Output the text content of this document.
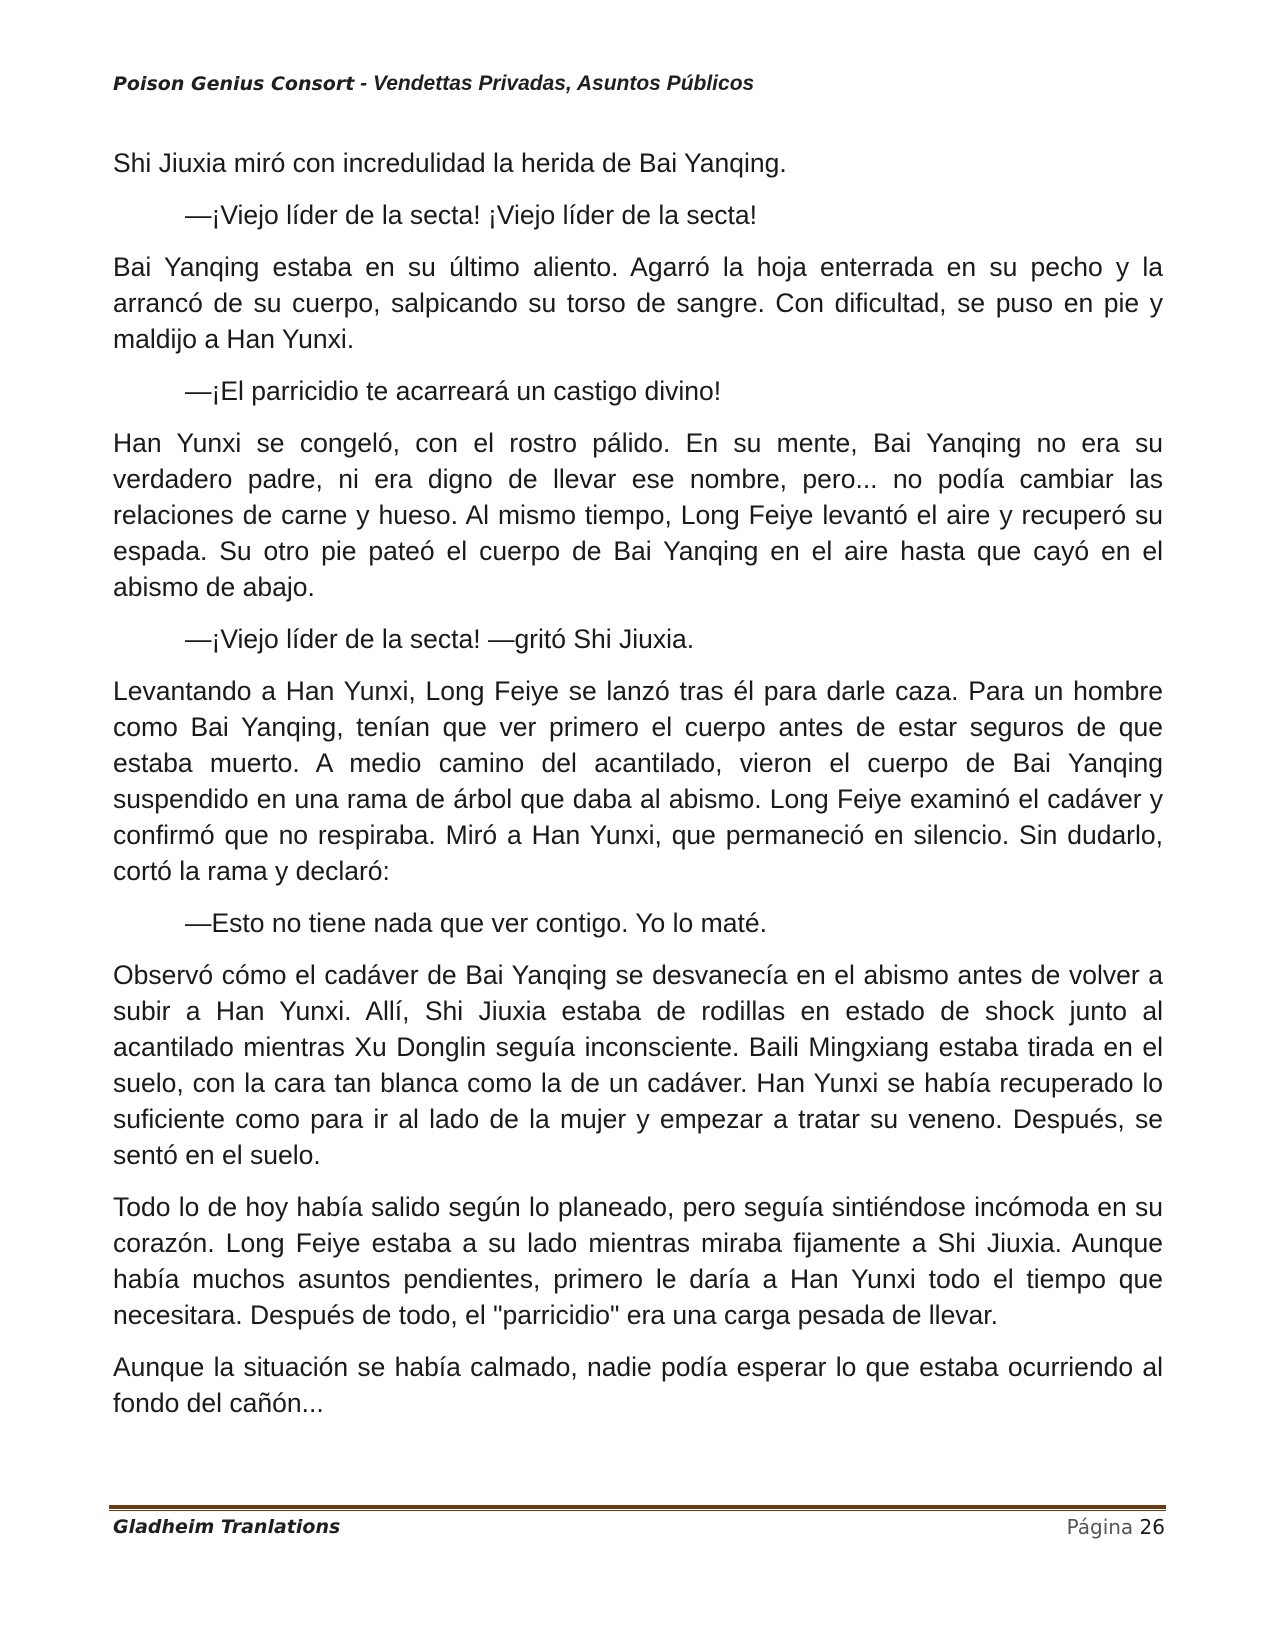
Poison Genius Consort - Vendettas Privadas, Asuntos Públicos

Shi Jiuxia miró con incredulidad la herida de Bai Yanqing.

—¡Viejo líder de la secta! ¡Viejo líder de la secta!

Bai Yanqing estaba en su último aliento. Agarró la hoja enterrada en su pecho y la arrancó de su cuerpo, salpicando su torso de sangre. Con dificultad, se puso en pie y maldijo a Han Yunxi.

—¡El parricidio te acarreará un castigo divino!

Han Yunxi se congeló, con el rostro pálido. En su mente, Bai Yanqing no era su verdadero padre, ni era digno de llevar ese nombre, pero... no podía cambiar las relaciones de carne y hueso. Al mismo tiempo, Long Feiye levantó el aire y recuperó su espada. Su otro pie pateó el cuerpo de Bai Yanqing en el aire hasta que cayó en el abismo de abajo.

—¡Viejo líder de la secta! —gritó Shi Jiuxia.

Levantando a Han Yunxi, Long Feiye se lanzó tras él para darle caza. Para un hombre como Bai Yanqing, tenían que ver primero el cuerpo antes de estar seguros de que estaba muerto. A medio camino del acantilado, vieron el cuerpo de Bai Yanqing suspendido en una rama de árbol que daba al abismo. Long Feiye examinó el cadáver y confirmó que no respiraba. Miró a Han Yunxi, que permaneció en silencio. Sin dudarlo, cortó la rama y declaró:

—Esto no tiene nada que ver contigo. Yo lo maté.

Observó cómo el cadáver de Bai Yanqing se desvanecía en el abismo antes de volver a subir a Han Yunxi. Allí, Shi Jiuxia estaba de rodillas en estado de shock junto al acantilado mientras Xu Donglin seguía inconsciente. Baili Mingxiang estaba tirada en el suelo, con la cara tan blanca como la de un cadáver. Han Yunxi se había recuperado lo suficiente como para ir al lado de la mujer y empezar a tratar su veneno. Después, se sentó en el suelo.

Todo lo de hoy había salido según lo planeado, pero seguía sintiéndose incómoda en su corazón. Long Feiye estaba a su lado mientras miraba fijamente a Shi Jiuxia. Aunque había muchos asuntos pendientes, primero le daría a Han Yunxi todo el tiempo que necesitara. Después de todo, el "parricidio" era una carga pesada de llevar.

Aunque la situación se había calmado, nadie podía esperar lo que estaba ocurriendo al fondo del cañón...

Gladheim Tranlations	Página 26
